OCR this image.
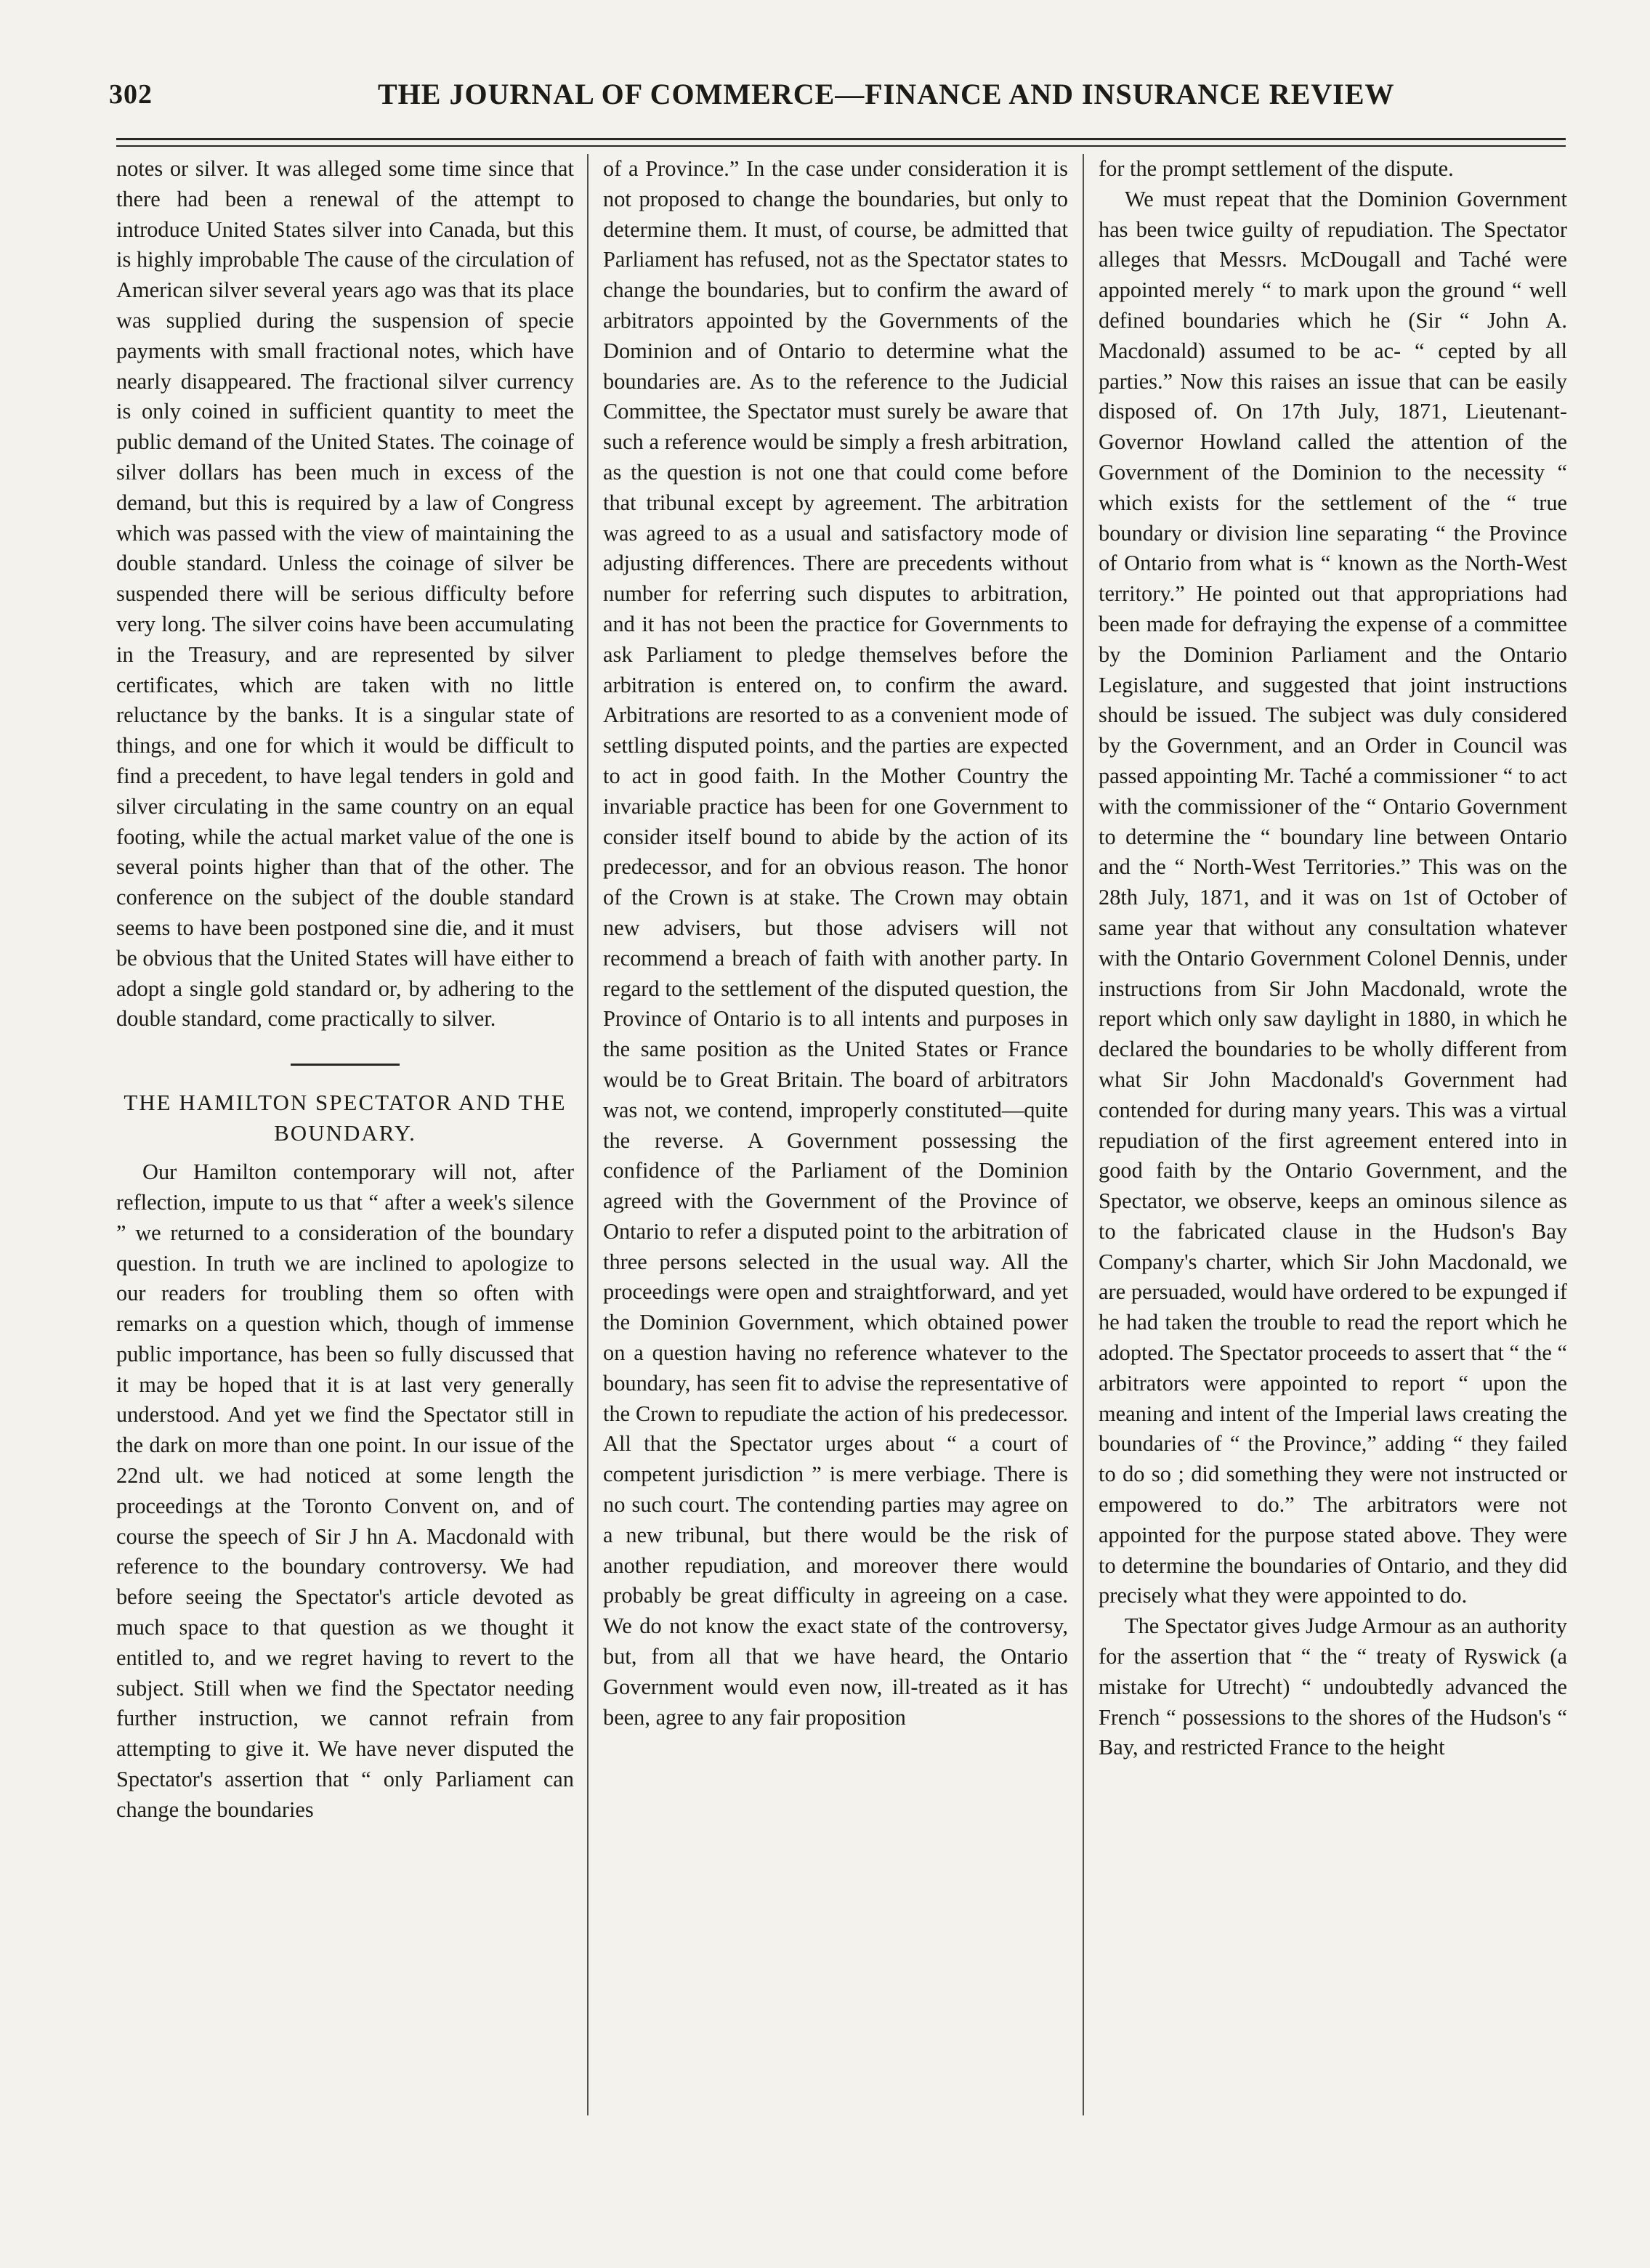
302	THE JOURNAL OF COMMERCE—FINANCE AND INSURANCE REVIEW

notes or silver. It was alleged some time since that there had been a renewal of the attempt to introduce United States silver into Canada, but this is highly improbable The cause of the circulation of American silver several years ago was that its place was supplied during the suspension of specie payments with small fractional notes, which have nearly disappeared. The fractional silver currency is only coined in sufficient quantity to meet the public demand of the United States. The coinage of silver dollars has been much in excess of the demand, but this is required by a law of Congress which was passed with the view of maintaining the double standard. Unless the coinage of silver be suspended there will be serious difficulty before very long. The silver coins have been accumulating in the Treasury, and are represented by silver certificates, which are taken with no little reluctance by the banks. It is a singular state of things, and one for which it would be difficult to find a precedent, to have legal tenders in gold and silver circulating in the same country on an equal footing, while the actual market value of the one is several points higher than that of the other. The conference on the subject of the double standard seems to have been postponed sine die, and it must be obvious that the United States will have either to adopt a single gold standard or, by adhering to the double standard, come practically to silver.

THE HAMILTON SPECTATOR AND THE BOUNDARY.

Our Hamilton contemporary will not, after reflection, impute to us that “ after a week's silence ” we returned to a consideration of the boundary question. In truth we are inclined to apologize to our readers for troubling them so often with remarks on a question which, though of immense public importance, has been so fully discussed that it may be hoped that it is at last very generally understood. And yet we find the Spectator still in the dark on more than one point. In our issue of the 22nd ult. we had noticed at some length the proceedings at the Toronto Convent on, and of course the speech of Sir J hn A. Macdonald with reference to the boundary controversy. We had before seeing the Spectator's article devoted as much space to that question as we thought it entitled to, and we regret having to revert to the subject. Still when we find the Spectator needing further instruction, we cannot refrain from attempting to give it. We have never disputed the Spectator's assertion that “ only Parliament can change the boundaries

of a Province.” In the case under consideration it is not proposed to change the boundaries, but only to determine them. It must, of course, be admitted that Parliament has refused, not as the Spectator states to change the boundaries, but to confirm the award of arbitrators appointed by the Governments of the Dominion and of Ontario to determine what the boundaries are. As to the reference to the Judicial Committee, the Spectator must surely be aware that such a reference would be simply a fresh arbitration, as the question is not one that could come before that tribunal except by agreement. The arbitration was agreed to as a usual and satisfactory mode of adjusting differences. There are precedents without number for referring such disputes to arbitration, and it has not been the practice for Governments to ask Parliament to pledge themselves before the arbitration is entered on, to confirm the award. Arbitrations are resorted to as a convenient mode of settling disputed points, and the parties are expected to act in good faith. In the Mother Country the invariable practice has been for one Government to consider itself bound to abide by the action of its predecessor, and for an obvious reason. The honor of the Crown is at stake. The Crown may obtain new advisers, but those advisers will not recommend a breach of faith with another party. In regard to the settlement of the disputed question, the Province of Ontario is to all intents and purposes in the same position as the United States or France would be to Great Britain. The board of arbitrators was not, we contend, improperly constituted—quite the reverse. A Government possessing the confidence of the Parliament of the Dominion agreed with the Government of the Province of Ontario to refer a disputed point to the arbitration of three persons selected in the usual way. All the proceedings were open and straightforward, and yet the Dominion Government, which obtained power on a question having no reference whatever to the boundary, has seen fit to advise the representative of the Crown to repudiate the action of his predecessor. All that the Spectator urges about “ a court of competent jurisdiction ” is mere verbiage. There is no such court. The contending parties may agree on a new tribunal, but there would be the risk of another repudiation, and moreover there would probably be great difficulty in agreeing on a case. We do not know the exact state of the controversy, but, from all that we have heard, the Ontario Government would even now, ill-treated as it has been, agree to any fair proposition

for the prompt settlement of the dispute.

We must repeat that the Dominion Government has been twice guilty of repudiation. The Spectator alleges that Messrs. McDougall and Taché were appointed merely “ to mark upon the ground “ well defined boundaries which he (Sir “ John A. Macdonald) assumed to be ac- “ cepted by all parties.” Now this raises an issue that can be easily disposed of. On 17th July, 1871, Lieutenant-Governor Howland called the attention of the Government of the Dominion to the necessity “ which exists for the settlement of the “ true boundary or division line separating “ the Province of Ontario from what is “ known as the North-West territory.” He pointed out that appropriations had been made for defraying the expense of a committee by the Dominion Parliament and the Ontario Legislature, and suggested that joint instructions should be issued. The subject was duly considered by the Government, and an Order in Council was passed appointing Mr. Taché a commissioner “ to act with the commissioner of the “ Ontario Government to determine the “ boundary line between Ontario and the “ North-West Territories.” This was on the 28th July, 1871, and it was on 1st of October of same year that without any consultation whatever with the Ontario Government Colonel Dennis, under instructions from Sir John Macdonald, wrote the report which only saw daylight in 1880, in which he declared the boundaries to be wholly different from what Sir John Macdonald's Government had contended for during many years. This was a virtual repudiation of the first agreement entered into in good faith by the Ontario Government, and the Spectator, we observe, keeps an ominous silence as to the fabricated clause in the Hudson's Bay Company's charter, which Sir John Macdonald, we are persuaded, would have ordered to be expunged if he had taken the trouble to read the report which he adopted. The Spectator proceeds to assert that “ the “ arbitrators were appointed to report “ upon the meaning and intent of the Imperial laws creating the boundaries of “ the Province,” adding “ they failed to do so ; did something they were not instructed or empowered to do.” The arbitrators were not appointed for the purpose stated above. They were to determine the boundaries of Ontario, and they did precisely what they were appointed to do.

The Spectator gives Judge Armour as an authority for the assertion that “ the “ treaty of Ryswick (a mistake for Utrecht) “ undoubtedly advanced the French “ possessions to the shores of the Hudson's “ Bay, and restricted France to the height
